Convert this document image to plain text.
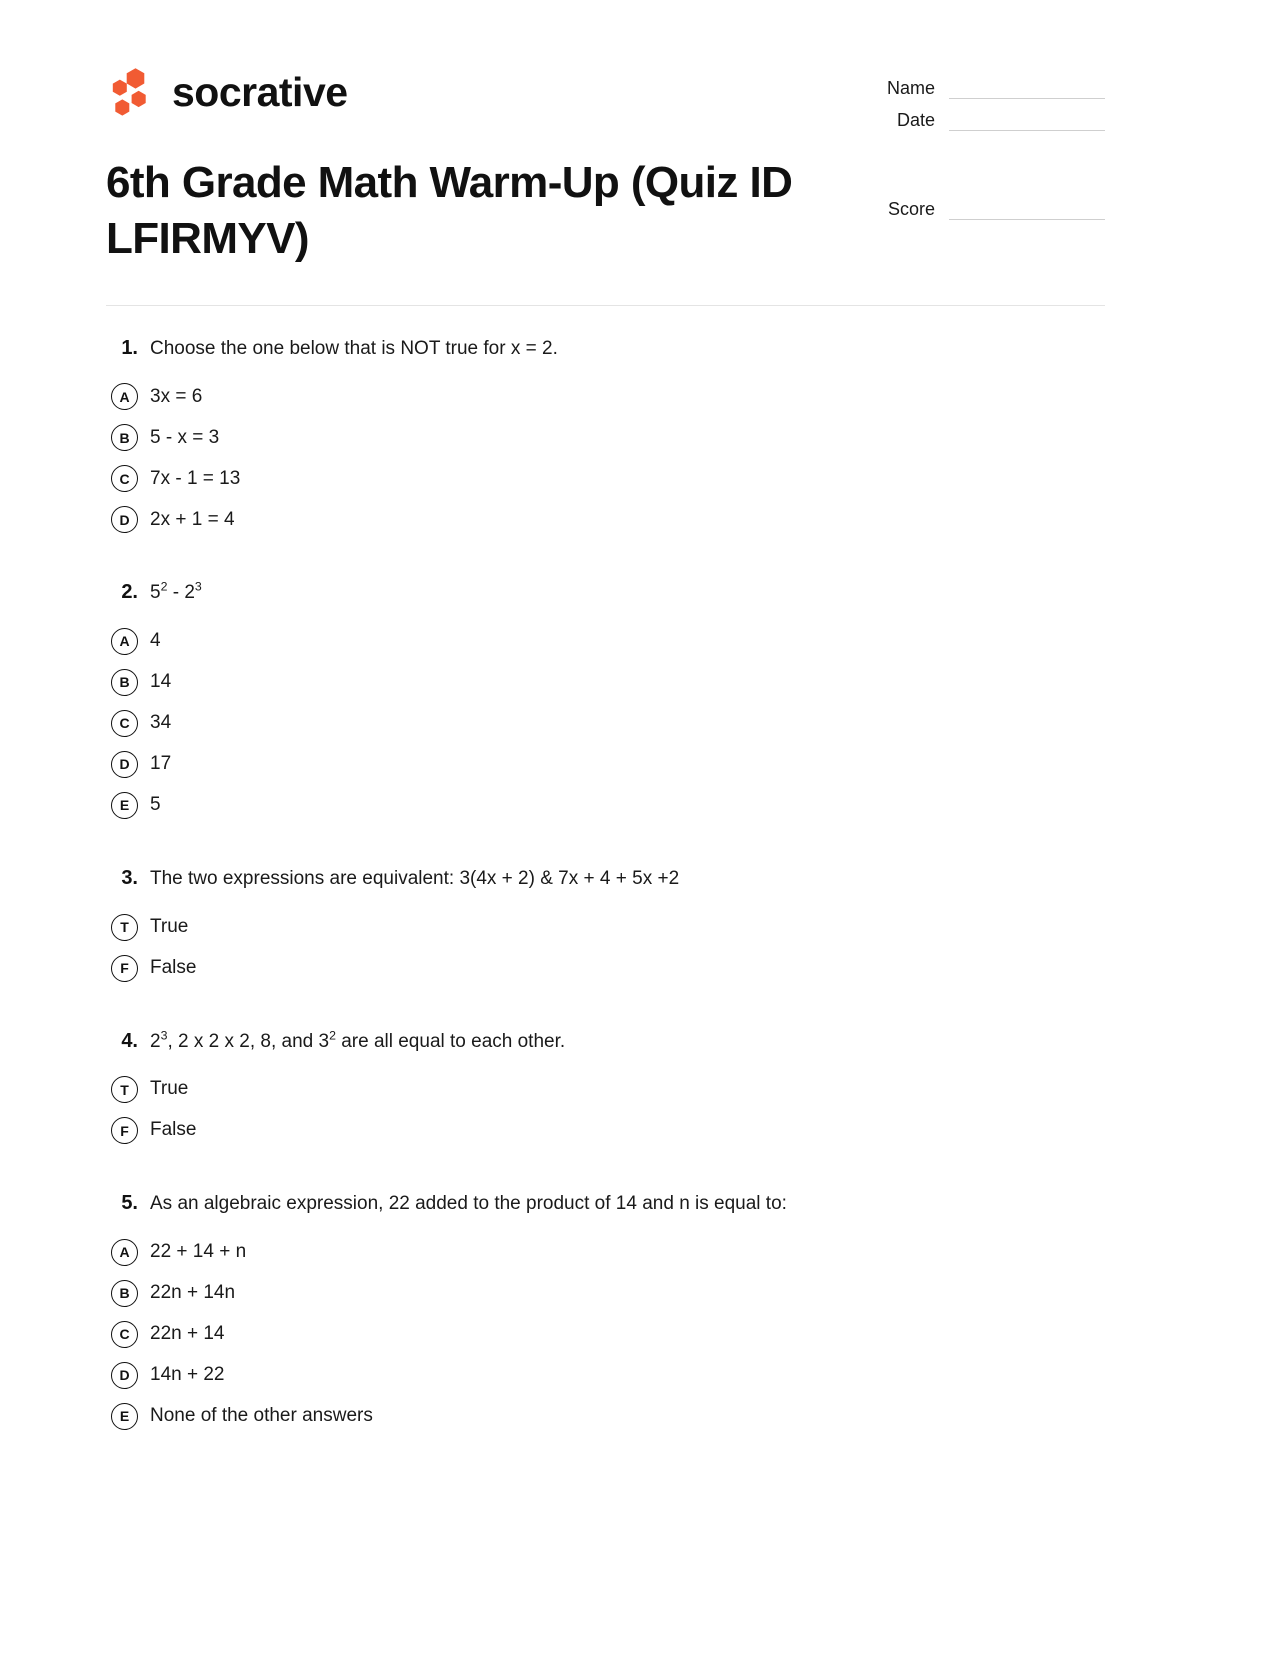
socrative	Name
Date
6th Grade Math Warm-Up (Quiz ID LFIRMYV)
Score
1. Choose the one below that is NOT true for x = 2.
A	3x = 6
B	5 - x = 3
C	7x - 1 = 13
D	2x + 1 = 4
2. $5^2 - 2^3$
A	4
B	14
C	34
D	17
E	5
3. The two expressions are equivalent: 3(4x + 2) & 7x + 4 + 5x +2
T	True
F	False
4. $2^3$, 2 x 2 x 2, 8, and $3^2$ are all equal to each other.
T	True
F	False
5. As an algebraic expression, 22 added to the product of 14 and n is equal to:
A	22 + 14 + n
B	22n + 14n
C	22n + 14
D	14n + 22
E	None of the other answers
